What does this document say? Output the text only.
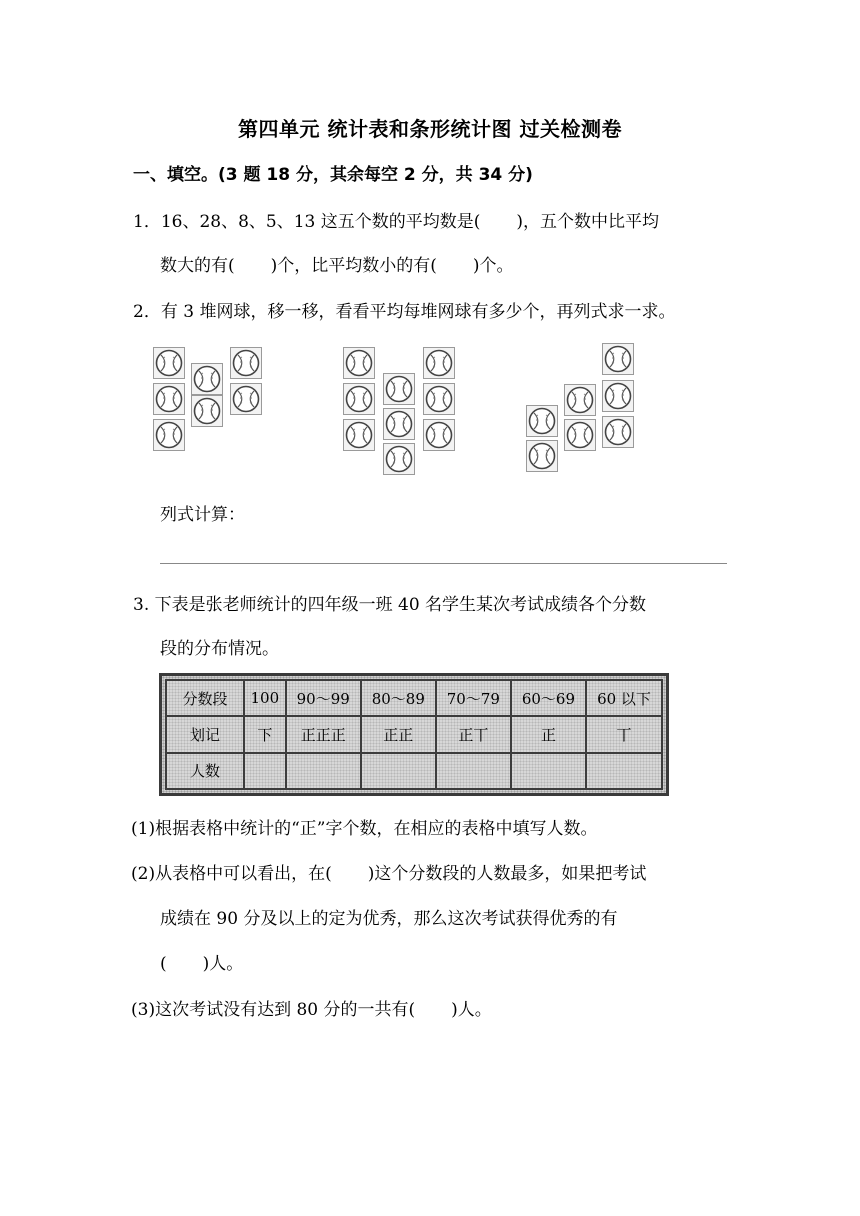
第四单元 统计表和条形统计图 过关检测卷
一、填空。(3 题 18 分，其余每空 2 分，共 34 分)
1．16、28、8、5、13 这五个数的平均数是( )，五个数中比平均
数大的有( )个，比平均数小的有( )个。
2．有 3 堆网球，移一移，看看平均每堆网球有多少个，再列式求一求。
列式计算：
3. 下表是张老师统计的四年级一班 40 名学生某次考试成绩各个分数
段的分布情况。
分数段	100	90～99	80～89	70～79	60～69	60 以下
划记	下	正正正	正正	正丅	正	丅
人数						
(1)根据表格中统计的“正”字个数，在相应的表格中填写人数。
(2)从表格中可以看出，在( )这个分数段的人数最多，如果把考试
成绩在 90 分及以上的定为优秀，那么这次考试获得优秀的有
( )人。
(3)这次考试没有达到 80 分的一共有( )人。
